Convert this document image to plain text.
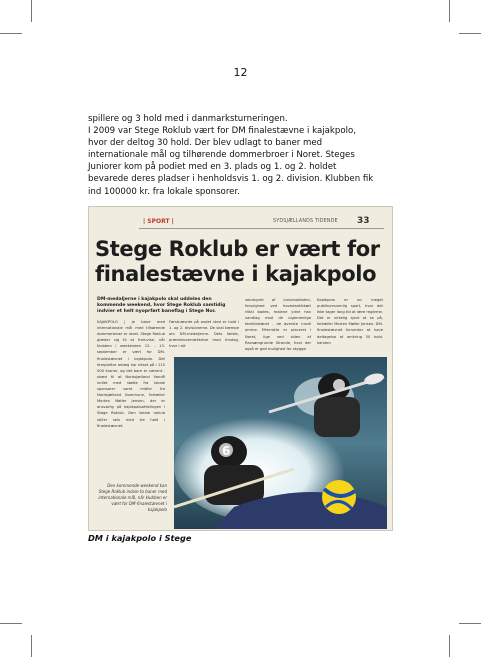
12
spillere og 3 hold med i danmarksturneringen.
I 2009 var Stege Roklub vært for DM finalestævne i kajakpolo,
hvor der deltog 30 hold. Der blev udlagt to baner med
internationale mål og tilhørende dommerbroer i Noret. Steges
Juniorer kom på podiet med en 3. plads og 1. og 2. holdet
bevarede deres pladser i henholdsvis 1. og 2. division. Klubben fik
ind 100000 kr. fra lokale sponsorer.
| SPORT |	SYDSJÆLLANDS TIDENDE 33
Stege Roklub er vært for
finalestævne i kajakpolo
DM-medaljerne i kajakpolo skal uddeles den kommende weekend, hvor Stege Roklub samtidig indvier et helt nyoprført baneflag i Stege Nor.
KAJAKPOLO | Je bane med internationale mål med tilhørende dommerbroer er lavet. Stege Roklub glæder sig til at fremvise, når klubben i weekenden 12. - 13. september er vært for DM-finalestævnet i kajakpolo. Det femplettre anlæg har ekset på i 115 000 kroner, og det bare er værent - skæd til at Nordsjælland Vandfl indlet med støtte fra lokale sponsorer samt midler fra Nordsjælland Kommune, fortæller Morten Møller Jensen, der er ansvarlig på kajakpoloafdelingen i Stege Roklub. Den lokale roklub stiller selv med tre hold i finalestævnet.
Førstnævnte på andet sted er hold i 1. og 2. divisionerne. De skal kæmpe om DM-medaljerne. Dets første, præmieoverrækkelse mod tirsdag, hvor i alt
sandsynkt af juniorsoldaten, forsvighed ved hovedantikkørt rittal bades, malene ydne hav vandlag mod de uigemenlige familiestønet - de øverste rundt omme. Efterratte er placeret i Noret, lige ved siden af Ransømgrunde Strande, hvor der også er god mulighed for skygge.
Kajakpolo er en meget publikumsvenlig sport, hvor det ikke tager lang tid at lære reglerne. Det er virkelig sjovt at se på, fortæller Morten Møller Jensen. DM-finalestævnet forventer at have deltagelse af omkring 30 hold. karsten
6
Den kommende weekend kan Stege Roklub indvie to baner med internationale mål, når klubben er vært for DM-finalestævnet i kajakpolo
DM i kajakpolo i Stege
